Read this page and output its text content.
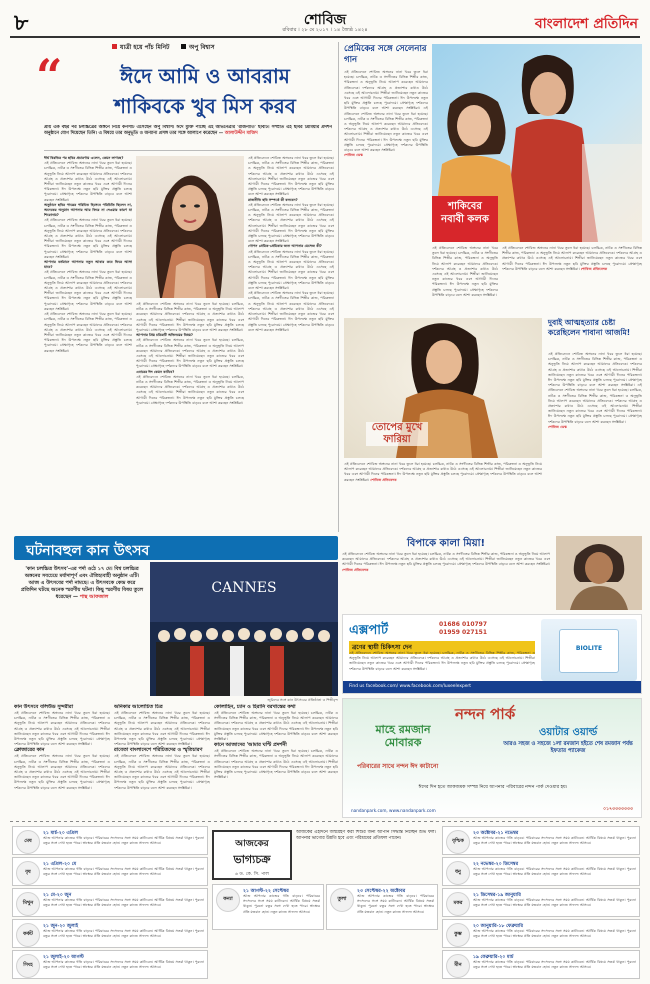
৮	শোবিজ
রবিবার । ২৮ মে ২০১৭ । ১৪ জ্যৈষ্ঠ ১৪২৪	বাংলাদেশ প্রতিদিন
যাত্রী হয়ে পাঁচ মিনিট	অপু বিশ্বাস
“	ঈদে আমি ও আবরাম
শাকিবকে খুব মিস করব
প্রায় এক বছর পর চলচ্চিত্রের অঙ্গনে নিয়ে কনসার্ট এসেছেন অপু বিশ্বাস। ঈদে মুক্তি পাচ্ছে এই অভিনেত্রীর 'রাজনীতি' ছবিটি। সম্প্রতি এই ছবির প্রিমিয়ার প্রদর্শন অনুষ্ঠানে যোগ দিয়েছেন তিনি। এ বিষয়ে তার অনুভূতি ও অন্যান্য প্রসঙ্গ তার সঙ্গে আলাপে করেছেন — আলাউদ্দীন মাজিদ
দীর্ঘ বিরতির পর ছবির প্রচারণায় এলেন, কেমন লাগছে?
এই প্রতিবেদনে শোবিজ অঙ্গনের নানা খবর তুলে ধরা হয়েছে। চলচ্চিত্র, নাটক ও সংগীতের বিভিন্ন শিল্পীর কাজ, পরিকল্পনা ও অনুভূতি নিয়ে আলাপ করেছেন আমাদের প্রতিবেদক। দর্শকদের আগ্রহ ও প্রত্যাশার কথাও উঠে এসেছে এই আলোচনায়। শিল্পীরা জানিয়েছেন নতুন কাজের খবর এবং আগামী দিনের পরিকল্পনা। ঈদ উপলক্ষে নতুন ছবি মুক্তির প্রস্তুতি চলছে পুরোদমে। প্রেক্ষাগৃহে দর্শকদের উপস্থিতি বাড়বে বলে আশা করছেন সংশ্লিষ্টরা।
অনুষ্ঠানে ছবির পাত্রের পরিচিত হিসেবে পরিচিতি ছিলেন না, অনেকের অনুমান আপনার আর ফিরে না দেওয়ার কারণ যা শিরোনাম?
এই প্রতিবেদনে শোবিজ অঙ্গনের নানা খবর তুলে ধরা হয়েছে। চলচ্চিত্র, নাটক ও সংগীতের বিভিন্ন শিল্পীর কাজ, পরিকল্পনা ও অনুভূতি নিয়ে আলাপ করেছেন আমাদের প্রতিবেদক। দর্শকদের আগ্রহ ও প্রত্যাশার কথাও উঠে এসেছে এই আলোচনায়। শিল্পীরা জানিয়েছেন নতুন কাজের খবর এবং আগামী দিনের পরিকল্পনা। ঈদ উপলক্ষে নতুন ছবি মুক্তির প্রস্তুতি চলছে পুরোদমে। প্রেক্ষাগৃহে দর্শকদের উপস্থিতি বাড়বে বলে আশা করছেন সংশ্লিষ্টরা।
আপনার বর্তমানে আপনার নতুন আবার কবে ফিরে আসা যাবে?
এই প্রতিবেদনে শোবিজ অঙ্গনের নানা খবর তুলে ধরা হয়েছে। চলচ্চিত্র, নাটক ও সংগীতের বিভিন্ন শিল্পীর কাজ, পরিকল্পনা ও অনুভূতি নিয়ে আলাপ করেছেন আমাদের প্রতিবেদক। দর্শকদের আগ্রহ ও প্রত্যাশার কথাও উঠে এসেছে এই আলোচনায়। শিল্পীরা জানিয়েছেন নতুন কাজের খবর এবং আগামী দিনের পরিকল্পনা। ঈদ উপলক্ষে নতুন ছবি মুক্তির প্রস্তুতি চলছে পুরোদমে। প্রেক্ষাগৃহে দর্শকদের উপস্থিতি বাড়বে বলে আশা করছেন সংশ্লিষ্টরা।
এই প্রতিবেদনে শোবিজ অঙ্গনের নানা খবর তুলে ধরা হয়েছে। চলচ্চিত্র, নাটক ও সংগীতের বিভিন্ন শিল্পীর কাজ, পরিকল্পনা ও অনুভূতি নিয়ে আলাপ করেছেন আমাদের প্রতিবেদক। দর্শকদের আগ্রহ ও প্রত্যাশার কথাও উঠে এসেছে এই আলোচনায়। শিল্পীরা জানিয়েছেন নতুন কাজের খবর এবং আগামী দিনের পরিকল্পনা। ঈদ উপলক্ষে নতুন ছবি মুক্তির প্রস্তুতি চলছে পুরোদমে। প্রেক্ষাগৃহে দর্শকদের উপস্থিতি বাড়বে বলে আশা করছেন সংশ্লিষ্টরা।
এই প্রতিবেদনে শোবিজ অঙ্গনের নানা খবর তুলে ধরা হয়েছে। চলচ্চিত্র, নাটক ও সংগীতের বিভিন্ন শিল্পীর কাজ, পরিকল্পনা ও অনুভূতি নিয়ে আলাপ করেছেন আমাদের প্রতিবেদক। দর্শকদের আগ্রহ ও প্রত্যাশার কথাও উঠে এসেছে এই আলোচনায়। শিল্পীরা জানিয়েছেন নতুন কাজের খবর এবং আগামী দিনের পরিকল্পনা। ঈদ উপলক্ষে নতুন ছবি মুক্তির প্রস্তুতি চলছে পুরোদমে। প্রেক্ষাগৃহে দর্শকদের উপস্থিতি বাড়বে বলে আশা করছেন সংশ্লিষ্টরা।
আপনার প্রিয় চরিত্রটি অভিনয়ের বিষয়?
এই প্রতিবেদনে শোবিজ অঙ্গনের নানা খবর তুলে ধরা হয়েছে। চলচ্চিত্র, নাটক ও সংগীতের বিভিন্ন শিল্পীর কাজ, পরিকল্পনা ও অনুভূতি নিয়ে আলাপ করেছেন আমাদের প্রতিবেদক। দর্শকদের আগ্রহ ও প্রত্যাশার কথাও উঠে এসেছে এই আলোচনায়। শিল্পীরা জানিয়েছেন নতুন কাজের খবর এবং আগামী দিনের পরিকল্পনা। ঈদ উপলক্ষে নতুন ছবি মুক্তির প্রস্তুতি চলছে পুরোদমে। প্রেক্ষাগৃহে দর্শকদের উপস্থিতি বাড়বে বলে আশা করছেন সংশ্লিষ্টরা।
এবারের ঈদ কেমন কাটবে?
এই প্রতিবেদনে শোবিজ অঙ্গনের নানা খবর তুলে ধরা হয়েছে। চলচ্চিত্র, নাটক ও সংগীতের বিভিন্ন শিল্পীর কাজ, পরিকল্পনা ও অনুভূতি নিয়ে আলাপ করেছেন আমাদের প্রতিবেদক। দর্শকদের আগ্রহ ও প্রত্যাশার কথাও উঠে এসেছে এই আলোচনায়। শিল্পীরা জানিয়েছেন নতুন কাজের খবর এবং আগামী দিনের পরিকল্পনা। ঈদ উপলক্ষে নতুন ছবি মুক্তির প্রস্তুতি চলছে পুরোদমে। প্রেক্ষাগৃহে দর্শকদের উপস্থিতি বাড়বে বলে আশা করছেন সংশ্লিষ্টরা।
এই প্রতিবেদনে শোবিজ অঙ্গনের নানা খবর তুলে ধরা হয়েছে। চলচ্চিত্র, নাটক ও সংগীতের বিভিন্ন শিল্পীর কাজ, পরিকল্পনা ও অনুভূতি নিয়ে আলাপ করেছেন আমাদের প্রতিবেদক। দর্শকদের আগ্রহ ও প্রত্যাশার কথাও উঠে এসেছে এই আলোচনায়। শিল্পীরা জানিয়েছেন নতুন কাজের খবর এবং আগামী দিনের পরিকল্পনা। ঈদ উপলক্ষে নতুন ছবি মুক্তির প্রস্তুতি চলছে পুরোদমে। প্রেক্ষাগৃহে দর্শকদের উপস্থিতি বাড়বে বলে আশা করছেন সংশ্লিষ্টরা।
রাজনীতি ছবি সম্পর্কে কী বলবেন?
এই প্রতিবেদনে শোবিজ অঙ্গনের নানা খবর তুলে ধরা হয়েছে। চলচ্চিত্র, নাটক ও সংগীতের বিভিন্ন শিল্পীর কাজ, পরিকল্পনা ও অনুভূতি নিয়ে আলাপ করেছেন আমাদের প্রতিবেদক। দর্শকদের আগ্রহ ও প্রত্যাশার কথাও উঠে এসেছে এই আলোচনায়। শিল্পীরা জানিয়েছেন নতুন কাজের খবর এবং আগামী দিনের পরিকল্পনা। ঈদ উপলক্ষে নতুন ছবি মুক্তির প্রস্তুতি চলছে পুরোদমে। প্রেক্ষাগৃহে দর্শকদের উপস্থিতি বাড়বে বলে আশা করছেন সংশ্লিষ্টরা।
গোপন প্রেমিক-প্রেমিকার জন্য আপনার মেসেজ কী?
এই প্রতিবেদনে শোবিজ অঙ্গনের নানা খবর তুলে ধরা হয়েছে। চলচ্চিত্র, নাটক ও সংগীতের বিভিন্ন শিল্পীর কাজ, পরিকল্পনা ও অনুভূতি নিয়ে আলাপ করেছেন আমাদের প্রতিবেদক। দর্শকদের আগ্রহ ও প্রত্যাশার কথাও উঠে এসেছে এই আলোচনায়। শিল্পীরা জানিয়েছেন নতুন কাজের খবর এবং আগামী দিনের পরিকল্পনা। ঈদ উপলক্ষে নতুন ছবি মুক্তির প্রস্তুতি চলছে পুরোদমে। প্রেক্ষাগৃহে দর্শকদের উপস্থিতি বাড়বে বলে আশা করছেন সংশ্লিষ্টরা।
এই প্রতিবেদনে শোবিজ অঙ্গনের নানা খবর তুলে ধরা হয়েছে। চলচ্চিত্র, নাটক ও সংগীতের বিভিন্ন শিল্পীর কাজ, পরিকল্পনা ও অনুভূতি নিয়ে আলাপ করেছেন আমাদের প্রতিবেদক। দর্শকদের আগ্রহ ও প্রত্যাশার কথাও উঠে এসেছে এই আলোচনায়। শিল্পীরা জানিয়েছেন নতুন কাজের খবর এবং আগামী দিনের পরিকল্পনা। ঈদ উপলক্ষে নতুন ছবি মুক্তির প্রস্তুতি চলছে পুরোদমে। প্রেক্ষাগৃহে দর্শকদের উপস্থিতি বাড়বে বলে আশা করছেন সংশ্লিষ্টরা।
প্রেমিকের সঙ্গে সেলেনার গান
এই প্রতিবেদনে শোবিজ অঙ্গনের নানা খবর তুলে ধরা হয়েছে। চলচ্চিত্র, নাটক ও সংগীতের বিভিন্ন শিল্পীর কাজ, পরিকল্পনা ও অনুভূতি নিয়ে আলাপ করেছেন আমাদের প্রতিবেদক। দর্শকদের আগ্রহ ও প্রত্যাশার কথাও উঠে এসেছে এই আলোচনায়। শিল্পীরা জানিয়েছেন নতুন কাজের খবর এবং আগামী দিনের পরিকল্পনা। ঈদ উপলক্ষে নতুন ছবি মুক্তির প্রস্তুতি চলছে পুরোদমে। প্রেক্ষাগৃহে দর্শকদের উপস্থিতি বাড়বে বলে আশা করছেন সংশ্লিষ্টরা। এই প্রতিবেদনে শোবিজ অঙ্গনের নানা খবর তুলে ধরা হয়েছে। চলচ্চিত্র, নাটক ও সংগীতের বিভিন্ন শিল্পীর কাজ, পরিকল্পনা ও অনুভূতি নিয়ে আলাপ করেছেন আমাদের প্রতিবেদক। দর্শকদের আগ্রহ ও প্রত্যাশার কথাও উঠে এসেছে এই আলোচনায়। শিল্পীরা জানিয়েছেন নতুন কাজের খবর এবং আগামী দিনের পরিকল্পনা। ঈদ উপলক্ষে নতুন ছবি মুক্তির প্রস্তুতি চলছে পুরোদমে। প্রেক্ষাগৃহে দর্শকদের উপস্থিতি বাড়বে বলে আশা করছেন সংশ্লিষ্টরা।
শোবিজ ডেস্ক
শাকিবের নবাবী কলক
এই প্রতিবেদনে শোবিজ অঙ্গনের নানা খবর তুলে ধরা হয়েছে। চলচ্চিত্র, নাটক ও সংগীতের বিভিন্ন শিল্পীর কাজ, পরিকল্পনা ও অনুভূতি নিয়ে আলাপ করেছেন আমাদের প্রতিবেদক। দর্শকদের আগ্রহ ও প্রত্যাশার কথাও উঠে এসেছে এই আলোচনায়। শিল্পীরা জানিয়েছেন নতুন কাজের খবর এবং আগামী দিনের পরিকল্পনা। ঈদ উপলক্ষে নতুন ছবি মুক্তির প্রস্তুতি চলছে পুরোদমে। প্রেক্ষাগৃহে দর্শকদের উপস্থিতি বাড়বে বলে আশা করছেন সংশ্লিষ্টরা। শোবিজ প্রতিবেদক
এই প্রতিবেদনে শোবিজ অঙ্গনের নানা খবর তুলে ধরা হয়েছে। চলচ্চিত্র, নাটক ও সংগীতের বিভিন্ন শিল্পীর কাজ, পরিকল্পনা ও অনুভূতি নিয়ে আলাপ করেছেন আমাদের প্রতিবেদক। দর্শকদের আগ্রহ ও প্রত্যাশার কথাও উঠে এসেছে এই আলোচনায়। শিল্পীরা জানিয়েছেন নতুন কাজের খবর এবং আগামী দিনের পরিকল্পনা। ঈদ উপলক্ষে নতুন ছবি মুক্তির প্রস্তুতি চলছে পুরোদমে। প্রেক্ষাগৃহে দর্শকদের উপস্থিতি বাড়বে বলে আশা করছেন সংশ্লিষ্টরা।
তোপের মুখে ফারিয়া
দুবাই আত্মহত্যার চেষ্টা করেছিলেন শাবানা আজমি!
এই প্রতিবেদনে শোবিজ অঙ্গনের নানা খবর তুলে ধরা হয়েছে। চলচ্চিত্র, নাটক ও সংগীতের বিভিন্ন শিল্পীর কাজ, পরিকল্পনা ও অনুভূতি নিয়ে আলাপ করেছেন আমাদের প্রতিবেদক। দর্শকদের আগ্রহ ও প্রত্যাশার কথাও উঠে এসেছে এই আলোচনায়। শিল্পীরা জানিয়েছেন নতুন কাজের খবর এবং আগামী দিনের পরিকল্পনা। ঈদ উপলক্ষে নতুন ছবি মুক্তির প্রস্তুতি চলছে পুরোদমে। প্রেক্ষাগৃহে দর্শকদের উপস্থিতি বাড়বে বলে আশা করছেন সংশ্লিষ্টরা। এই প্রতিবেদনে শোবিজ অঙ্গনের নানা খবর তুলে ধরা হয়েছে। চলচ্চিত্র, নাটক ও সংগীতের বিভিন্ন শিল্পীর কাজ, পরিকল্পনা ও অনুভূতি নিয়ে আলাপ করেছেন আমাদের প্রতিবেদক। দর্শকদের আগ্রহ ও প্রত্যাশার কথাও উঠে এসেছে এই আলোচনায়। শিল্পীরা জানিয়েছেন নতুন কাজের খবর এবং আগামী দিনের পরিকল্পনা। ঈদ উপলক্ষে নতুন ছবি মুক্তির প্রস্তুতি চলছে পুরোদমে। প্রেক্ষাগৃহে দর্শকদের উপস্থিতি বাড়বে বলে আশা করছেন সংশ্লিষ্টরা।
শোবিজ ডেস্ক
এই প্রতিবেদনে শোবিজ অঙ্গনের নানা খবর তুলে ধরা হয়েছে। চলচ্চিত্র, নাটক ও সংগীতের বিভিন্ন শিল্পীর কাজ, পরিকল্পনা ও অনুভূতি নিয়ে আলাপ করেছেন আমাদের প্রতিবেদক। দর্শকদের আগ্রহ ও প্রত্যাশার কথাও উঠে এসেছে এই আলোচনায়। শিল্পীরা জানিয়েছেন নতুন কাজের খবর এবং আগামী দিনের পরিকল্পনা। ঈদ উপলক্ষে নতুন ছবি মুক্তির প্রস্তুতি চলছে পুরোদমে। প্রেক্ষাগৃহে দর্শকদের উপস্থিতি বাড়বে বলে আশা করছেন সংশ্লিষ্টরা। শোবিজ প্রতিবেদক
ঘটনাবহুল কান উৎসব
CANNES
'কান চলচ্চিত্র উৎসব'-এর পর্দা ওঠে ১৭ মে। বিশ্ব চলচ্চিত্র অঙ্গনের সবচেয়ে মর্যাদাপূর্ণ এবং ঐতিহ্যবাহী অনুষ্ঠান এটি। আজ এ উৎসবের পর্দা নামছে। এ উৎসবকে কেন্দ্র করে প্রতিদিন ঘটছে অনেক স্মরণীয় ঘটনা। কিছু স্মরণীয় বিষয় তুলে ধরেছেন — পান্থ আফজাল
জুরিদের সঙ্গে কান উৎসবের প্রতিষ্ঠাতা ও শিল্পীবৃন্দ
কান উৎসবে বলিউড সুন্দরীরা
এই প্রতিবেদনে শোবিজ অঙ্গনের নানা খবর তুলে ধরা হয়েছে। চলচ্চিত্র, নাটক ও সংগীতের বিভিন্ন শিল্পীর কাজ, পরিকল্পনা ও অনুভূতি নিয়ে আলাপ করেছেন আমাদের প্রতিবেদক। দর্শকদের আগ্রহ ও প্রত্যাশার কথাও উঠে এসেছে এই আলোচনায়। শিল্পীরা জানিয়েছেন নতুন কাজের খবর এবং আগামী দিনের পরিকল্পনা। ঈদ উপলক্ষে নতুন ছবি মুক্তির প্রস্তুতি চলছে পুরোদমে। প্রেক্ষাগৃহে দর্শকদের উপস্থিতি বাড়বে বলে আশা করছেন সংশ্লিষ্টরা।
ক্লোজারের কান
এই প্রতিবেদনে শোবিজ অঙ্গনের নানা খবর তুলে ধরা হয়েছে। চলচ্চিত্র, নাটক ও সংগীতের বিভিন্ন শিল্পীর কাজ, পরিকল্পনা ও অনুভূতি নিয়ে আলাপ করেছেন আমাদের প্রতিবেদক। দর্শকদের আগ্রহ ও প্রত্যাশার কথাও উঠে এসেছে এই আলোচনায়। শিল্পীরা জানিয়েছেন নতুন কাজের খবর এবং আগামী দিনের পরিকল্পনা। ঈদ উপলক্ষে নতুন ছবি মুক্তির প্রস্তুতি চলছে পুরোদমে। প্রেক্ষাগৃহে দর্শকদের উপস্থিতি বাড়বে বলে আশা করছেন সংশ্লিষ্টরা।
অনিকার আলোচিত চিত্র
এই প্রতিবেদনে শোবিজ অঙ্গনের নানা খবর তুলে ধরা হয়েছে। চলচ্চিত্র, নাটক ও সংগীতের বিভিন্ন শিল্পীর কাজ, পরিকল্পনা ও অনুভূতি নিয়ে আলাপ করেছেন আমাদের প্রতিবেদক। দর্শকদের আগ্রহ ও প্রত্যাশার কথাও উঠে এসেছে এই আলোচনায়। শিল্পীরা জানিয়েছেন নতুন কাজের খবর এবং আগামী দিনের পরিকল্পনা। ঈদ উপলক্ষে নতুন ছবি মুক্তির প্রস্তুতি চলছে পুরোদমে। প্রেক্ষাগৃহে দর্শকদের উপস্থিতি বাড়বে বলে আশা করছেন সংশ্লিষ্টরা।
রাবেতা বাংলাদেশে পরিচিতদের ও স্মৃতিচারণ
এই প্রতিবেদনে শোবিজ অঙ্গনের নানা খবর তুলে ধরা হয়েছে। চলচ্চিত্র, নাটক ও সংগীতের বিভিন্ন শিল্পীর কাজ, পরিকল্পনা ও অনুভূতি নিয়ে আলাপ করেছেন আমাদের প্রতিবেদক। দর্শকদের আগ্রহ ও প্রত্যাশার কথাও উঠে এসেছে এই আলোচনায়। শিল্পীরা জানিয়েছেন নতুন কাজের খবর এবং আগামী দিনের পরিকল্পনা। ঈদ উপলক্ষে নতুন ছবি মুক্তির প্রস্তুতি চলছে পুরোদমে। প্রেক্ষাগৃহে দর্শকদের উপস্থিতি বাড়বে বলে আশা করছেন সংশ্লিষ্টরা।
কোলাহিন, চ্যান ও হিরানি বরখাস্তের কথা
এই প্রতিবেদনে শোবিজ অঙ্গনের নানা খবর তুলে ধরা হয়েছে। চলচ্চিত্র, নাটক ও সংগীতের বিভিন্ন শিল্পীর কাজ, পরিকল্পনা ও অনুভূতি নিয়ে আলাপ করেছেন আমাদের প্রতিবেদক। দর্শকদের আগ্রহ ও প্রত্যাশার কথাও উঠে এসেছে এই আলোচনায়। শিল্পীরা জানিয়েছেন নতুন কাজের খবর এবং আগামী দিনের পরিকল্পনা। ঈদ উপলক্ষে নতুন ছবি মুক্তির প্রস্তুতি চলছে পুরোদমে। প্রেক্ষাগৃহে দর্শকদের উপস্থিতি বাড়বে বলে আশা করছেন সংশ্লিষ্টরা।
কানে আজাদের 'আমার ঘণ্টি প্রদর্শনী
এই প্রতিবেদনে শোবিজ অঙ্গনের নানা খবর তুলে ধরা হয়েছে। চলচ্চিত্র, নাটক ও সংগীতের বিভিন্ন শিল্পীর কাজ, পরিকল্পনা ও অনুভূতি নিয়ে আলাপ করেছেন আমাদের প্রতিবেদক। দর্শকদের আগ্রহ ও প্রত্যাশার কথাও উঠে এসেছে এই আলোচনায়। শিল্পীরা জানিয়েছেন নতুন কাজের খবর এবং আগামী দিনের পরিকল্পনা। ঈদ উপলক্ষে নতুন ছবি মুক্তির প্রস্তুতি চলছে পুরোদমে। প্রেক্ষাগৃহে দর্শকদের উপস্থিতি বাড়বে বলে আশা করছেন সংশ্লিষ্টরা।
বিপাকে কালা মিয়া!
এই প্রতিবেদনে শোবিজ অঙ্গনের নানা খবর তুলে ধরা হয়েছে। চলচ্চিত্র, নাটক ও সংগীতের বিভিন্ন শিল্পীর কাজ, পরিকল্পনা ও অনুভূতি নিয়ে আলাপ করেছেন আমাদের প্রতিবেদক। দর্শকদের আগ্রহ ও প্রত্যাশার কথাও উঠে এসেছে এই আলোচনায়। শিল্পীরা জানিয়েছেন নতুন কাজের খবর এবং আগামী দিনের পরিকল্পনা। ঈদ উপলক্ষে নতুন ছবি মুক্তির প্রস্তুতি চলছে পুরোদমে। প্রেক্ষাগৃহে দর্শকদের উপস্থিতি বাড়বে বলে আশা করছেন সংশ্লিষ্টরা। শোবিজ প্রতিবেদক
এক্সপার্ট	01686 010797
01959 027151
ব্রণের স্থায়ী চিকিৎসা দেন
এই প্রতিবেদনে শোবিজ অঙ্গনের নানা খবর তুলে ধরা হয়েছে। চলচ্চিত্র, নাটক ও সংগীতের বিভিন্ন শিল্পীর কাজ, পরিকল্পনা ও অনুভূতি নিয়ে আলাপ করেছেন আমাদের প্রতিবেদক। দর্শকদের আগ্রহ ও প্রত্যাশার কথাও উঠে এসেছে এই আলোচনায়। শিল্পীরা জানিয়েছেন নতুন কাজের খবর এবং আগামী দিনের পরিকল্পনা। ঈদ উপলক্ষে নতুন ছবি মুক্তির প্রস্তুতি চলছে পুরোদমে। প্রেক্ষাগৃহে দর্শকদের উপস্থিতি বাড়বে বলে আশা করছেন সংশ্লিষ্টরা।
BIOLITE
Find us facebook.com/ www.facebook.com/luxeelexpert
নন্দন পার্ক
মাহে রমজান মোবারক
ওয়াটার ওয়ার্ল্ড
আরও সহজ ও সহজে ১লা রমজান হইতে শেষ রমজান পর্যন্ত ইফতার প্যাকেজ
পরিবারের সাথে নন্দন ঈদ কাটানো
ঈদের দিন হতে জাকজমক সম্পন্ন নিয়ে আপনার পরিবারের নন্দন পার্ক দেওয়ার হয়।
nandanpark.com, www.nandanpark.com	০১৭৩৩৩৩৩৩৩
আজকের
ভাগ্যচক্র
৬ ড. কে. সি. পাল
আজকের এইদিনে জন্মগ্রহণ করা শিশুর জন্য আপনি সিদ্ধান্ত নিচ্ছেন শুভ ফল। আপনার ভাগ্যের উন্নতি হবে এবং পরিশ্রমের প্রতিফল পাবেন।
মেষ
২১ মার্চ-২০ এপ্রিল
আজ আপনার কাজের গতি বাড়বে। পরিবারের সদস্যদের সঙ্গে সময় কাটাবেন। আর্থিক বিষয়ে সতর্ক থাকুন। পুরনো বন্ধুর সঙ্গে দেখা হতে পারে। স্বাস্থ্যের প্রতি যত্নবান হোন। নতুন কাজে সাফল্য আসবে।
বৃষ
২১ এপ্রিল-২০ মে
আজ আপনার কাজের গতি বাড়বে। পরিবারের সদস্যদের সঙ্গে সময় কাটাবেন। আর্থিক বিষয়ে সতর্ক থাকুন। পুরনো বন্ধুর সঙ্গে দেখা হতে পারে। স্বাস্থ্যের প্রতি যত্নবান হোন। নতুন কাজে সাফল্য আসবে।
মিথুন
২১ মে-২০ জুন
আজ আপনার কাজের গতি বাড়বে। পরিবারের সদস্যদের সঙ্গে সময় কাটাবেন। আর্থিক বিষয়ে সতর্ক থাকুন। পুরনো বন্ধুর সঙ্গে দেখা হতে পারে। স্বাস্থ্যের প্রতি যত্নবান হোন। নতুন কাজে সাফল্য আসবে।
কর্কট
২১ জুন-২০ জুলাই
আজ আপনার কাজের গতি বাড়বে। পরিবারের সদস্যদের সঙ্গে সময় কাটাবেন। আর্থিক বিষয়ে সতর্ক থাকুন। পুরনো বন্ধুর সঙ্গে দেখা হতে পারে। স্বাস্থ্যের প্রতি যত্নবান হোন। নতুন কাজে সাফল্য আসবে।
সিংহ
২১ জুলাই-২০ আগস্ট
আজ আপনার কাজের গতি বাড়বে। পরিবারের সদস্যদের সঙ্গে সময় কাটাবেন। আর্থিক বিষয়ে সতর্ক থাকুন। পুরনো বন্ধুর সঙ্গে দেখা হতে পারে। স্বাস্থ্যের প্রতি যত্নবান হোন। নতুন কাজে সাফল্য আসবে।
বৃশ্চিক
২৩ অক্টোবর-২১ নভেম্বর
আজ আপনার কাজের গতি বাড়বে। পরিবারের সদস্যদের সঙ্গে সময় কাটাবেন। আর্থিক বিষয়ে সতর্ক থাকুন। পুরনো বন্ধুর সঙ্গে দেখা হতে পারে। স্বাস্থ্যের প্রতি যত্নবান হোন। নতুন কাজে সাফল্য আসবে।
ধনু
২২ নভেম্বর-২০ ডিসেম্বর
আজ আপনার কাজের গতি বাড়বে। পরিবারের সদস্যদের সঙ্গে সময় কাটাবেন। আর্থিক বিষয়ে সতর্ক থাকুন। পুরনো বন্ধুর সঙ্গে দেখা হতে পারে। স্বাস্থ্যের প্রতি যত্নবান হোন। নতুন কাজে সাফল্য আসবে।
মকর
২১ ডিসেম্বর-১৯ জানুয়ারি
আজ আপনার কাজের গতি বাড়বে। পরিবারের সদস্যদের সঙ্গে সময় কাটাবেন। আর্থিক বিষয়ে সতর্ক থাকুন। পুরনো বন্ধুর সঙ্গে দেখা হতে পারে। স্বাস্থ্যের প্রতি যত্নবান হোন। নতুন কাজে সাফল্য আসবে।
কুম্ভ
২০ জানুয়ারি-১৮ ফেব্রুয়ারি
আজ আপনার কাজের গতি বাড়বে। পরিবারের সদস্যদের সঙ্গে সময় কাটাবেন। আর্থিক বিষয়ে সতর্ক থাকুন। পুরনো বন্ধুর সঙ্গে দেখা হতে পারে। স্বাস্থ্যের প্রতি যত্নবান হোন। নতুন কাজে সাফল্য আসবে।
মীন
১৯ ফেব্রুয়ারি-২০ মার্চ
আজ আপনার কাজের গতি বাড়বে। পরিবারের সদস্যদের সঙ্গে সময় কাটাবেন। আর্থিক বিষয়ে সতর্ক থাকুন। পুরনো বন্ধুর সঙ্গে দেখা হতে পারে। স্বাস্থ্যের প্রতি যত্নবান হোন। নতুন কাজে সাফল্য আসবে।
কন্যা
২১ আগস্ট-২২ সেপ্টেম্বর
আজ আপনার কাজের গতি বাড়বে। পরিবারের সদস্যদের সঙ্গে সময় কাটাবেন। আর্থিক বিষয়ে সতর্ক থাকুন। পুরনো বন্ধুর সঙ্গে দেখা হতে পারে। স্বাস্থ্যের প্রতি যত্নবান হোন। নতুন কাজে সাফল্য আসবে।
তুলা
২৩ সেপ্টেম্বর-২২ অক্টোবর
আজ আপনার কাজের গতি বাড়বে। পরিবারের সদস্যদের সঙ্গে সময় কাটাবেন। আর্থিক বিষয়ে সতর্ক থাকুন। পুরনো বন্ধুর সঙ্গে দেখা হতে পারে। স্বাস্থ্যের প্রতি যত্নবান হোন। নতুন কাজে সাফল্য আসবে।
